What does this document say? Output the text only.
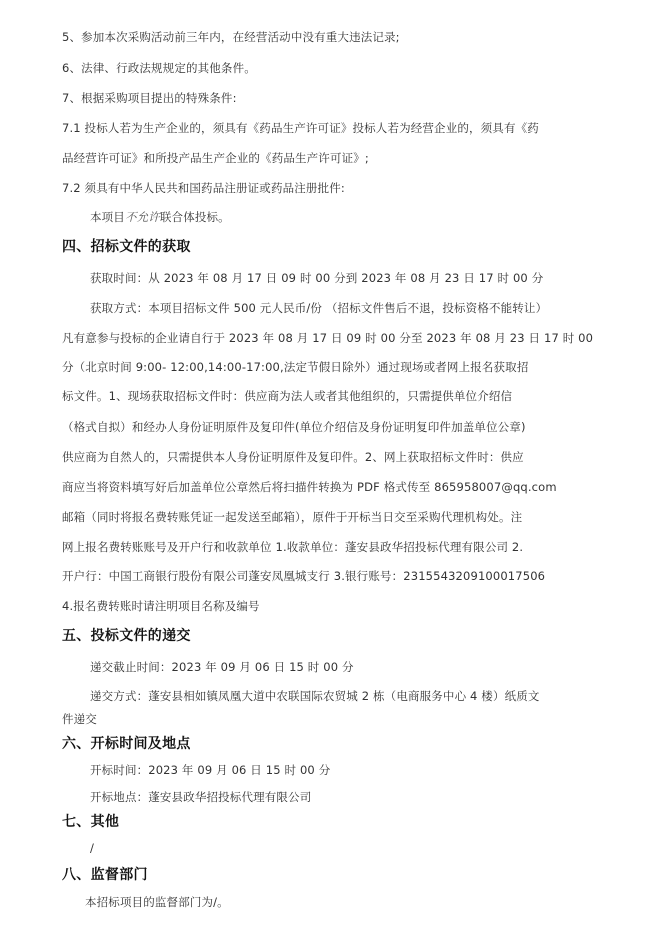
5、参加本次采购活动前三年内，在经营活动中没有重大违法记录;
6、法律、行政法规规定的其他条件。
7、根据采购项目提出的特殊条件:
7.1 投标人若为生产企业的，须具有《药品生产许可证》投标人若为经营企业的，须具有《药
品经营许可证》和所投产品生产企业的《药品生产许可证》;
7.2 须具有中华人民共和国药品注册证或药品注册批件:
本项目不允许联合体投标。
四、招标文件的获取
获取时间：从 2023 年 08 月 17 日 09 时 00 分到 2023 年 08 月 23 日 17 时 00 分
获取方式：本项目招标文件 500 元人民币/份 （招标文件售后不退，投标资格不能转让）
凡有意参与投标的企业请自行于 2023 年 08 月 17 日 09 时 00 分至 2023 年 08 月 23 日 17 时 00
分（北京时间 9:00- 12:00,14:00-17:00,法定节假日除外）通过现场或者网上报名获取招
标文件。1、现场获取招标文件时：供应商为法人或者其他组织的，只需提供单位介绍信
（格式自拟）和经办人身份证明原件及复印件(单位介绍信及身份证明复印件加盖单位公章)
供应商为自然人的，只需提供本人身份证明原件及复印件。2、网上获取招标文件时：供应
商应当将资料填写好后加盖单位公章然后将扫描件转换为 PDF 格式传至 865958007@qq.com
邮箱（同时将报名费转账凭证一起发送至邮箱），原件于开标当日交至采购代理机构处。注
网上报名费转账账号及开户行和收款单位 1.收款单位：蓬安县政华招投标代理有限公司 2.
开户行：中国工商银行股份有限公司蓬安凤凰城支行 3.银行账号：2315543209100017506
4.报名费转账时请注明项目名称及编号
五、投标文件的递交
递交截止时间：2023 年 09 月 06 日 15 时 00 分
递交方式：蓬安县相如镇凤凰大道中农联国际农贸城 2 栋（电商服务中心 4 楼）纸质文
件递交
六、开标时间及地点
开标时间：2023 年 09 月 06 日 15 时 00 分
开标地点：蓬安县政华招投标代理有限公司
七、其他
/
八、监督部门
本招标项目的监督部门为/。
